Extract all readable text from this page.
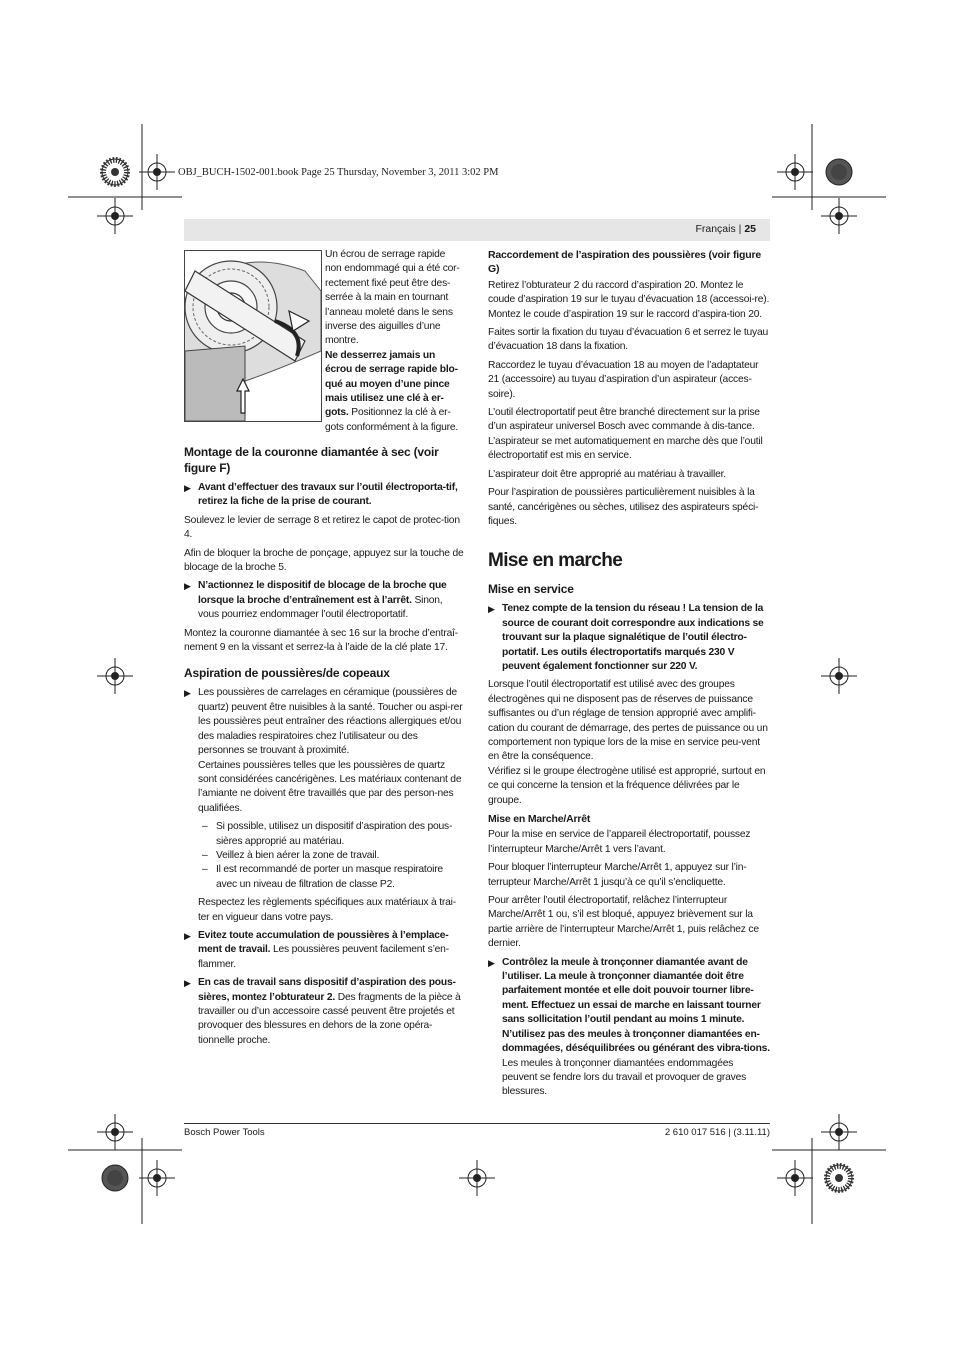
OBJ_BUCH-1502-001.book Page 25 Thursday, November 3, 2011 3:02 PM
Français | 25
Un écrou de serrage rapide
non endommagé qui a été cor-
rectement fixé peut être des-
serrée à la main en tournant
l’anneau moleté dans le sens
inverse des aiguilles d’une
montre.
Ne desserrez jamais un
écrou de serrage rapide blo-
qué au moyen d’une pince
mais utilisez une clé à er-
gots. Positionnez la clé à er-
gots conformément à la figure.
Montage de la couronne diamantée à sec (voir figure F)
▶ Avant d’effectuer des travaux sur l’outil électroporta-tif, retirez la fiche de la prise de courant.

Soulevez le levier de serrage 8 et retirez le capot de protec-tion 4.

Afin de bloquer la broche de ponçage, appuyez sur la touche de blocage de la broche 5.

▶ N’actionnez le dispositif de blocage de la broche que lorsque la broche d’entraînement est à l’arrêt. Sinon, vous pourriez endommager l’outil électroportatif.

Montez la couronne diamantée à sec 16 sur la broche d’entraî-nement 9 en la vissant et serrez-la à l’aide de la clé plate 17.

Aspiration de poussières/de copeaux
▶ Les poussières de carrelages en céramique (poussières de quartz) peuvent être nuisibles à la santé. Toucher ou aspi-rer les poussières peut entraîner des réactions allergiques et/ou des maladies respiratoires chez l’utilisateur ou des personnes se trouvant à proximité.
Certaines poussières telles que les poussières de quartz sont considérées cancérigènes. Les matériaux contenant de l’amiante ne doivent être travaillés que par des person-nes qualifiées.
– Si possible, utilisez un dispositif d’aspiration des pous-sières approprié au matériau.
– Veillez à bien aérer la zone de travail.
– Il est recommandé de porter un masque respiratoire avec un niveau de filtration de classe P2.
Respectez les règlements spécifiques aux matériaux à trai-ter en vigueur dans votre pays.
▶ Evitez toute accumulation de poussières à l’emplace-ment de travail. Les poussières peuvent facilement s’en-flammer.
▶ En cas de travail sans dispositif d’aspiration des pous-sières, montez l’obturateur 2. Des fragments de la pièce à travailler ou d’un accessoire cassé peuvent être projetés et provoquer des blessures en dehors de la zone opéra-tionnelle proche.
Raccordement de l’aspiration des poussières (voir figure G)

Retirez l’obturateur 2 du raccord d’aspiration 20. Montez le coude d’aspiration 19 sur le tuyau d’évacuation 18 (accessoi-re). Montez le coude d’aspiration 19 sur le raccord d’aspira-tion 20.

Faites sortir la fixation du tuyau d’évacuation 6 et serrez le tuyau d’évacuation 18 dans la fixation.

Raccordez le tuyau d’évacuation 18 au moyen de l’adaptateur 21 (accessoire) au tuyau d’aspiration d’un aspirateur (acces-soire).

L’outil électroportatif peut être branché directement sur la prise d’un aspirateur universel Bosch avec commande à dis-tance. L’aspirateur se met automatiquement en marche dès que l’outil électroportatif est mis en service.

L’aspirateur doit être approprié au matériau à travailler.

Pour l’aspiration de poussières particulièrement nuisibles à la santé, cancérigènes ou sèches, utilisez des aspirateurs spéci-fiques.

Mise en marche
Mise en service
▶ Tenez compte de la tension du réseau ! La tension de la source de courant doit correspondre aux indications se trouvant sur la plaque signalétique de l’outil électro-portatif. Les outils électroportatifs marqués 230 V peuvent également fonctionner sur 220 V.

Lorsque l’outil électroportatif est utilisé avec des groupes électrogènes qui ne disposent pas de réserves de puissance suffisantes ou d’un réglage de tension approprié avec amplifi-cation du courant de démarrage, des pertes de puissance ou un comportement non typique lors de la mise en service peu-vent en être la conséquence.

Vérifiez si le groupe électrogène utilisé est approprié, surtout en ce qui concerne la tension et la fréquence délivrées par le groupe.

Mise en Marche/Arrêt

Pour la mise en service de l’appareil électroportatif, poussez l’interrupteur Marche/Arrêt 1 vers l’avant.

Pour bloquer l’interrupteur Marche/Arrêt 1, appuyez sur l’in-terrupteur Marche/Arrêt 1 jusqu’à ce qu’il s’encliquette.

Pour arrêter l’outil électroportatif, relâchez l’interrupteur Marche/Arrêt 1 ou, s’il est bloqué, appuyez brièvement sur la partie arrière de l’interrupteur Marche/Arrêt 1, puis relâchez ce dernier.

▶ Contrôlez la meule à tronçonner diamantée avant de l’utiliser. La meule à tronçonner diamantée doit être parfaitement montée et elle doit pouvoir tourner libre-ment. Effectuez un essai de marche en laissant tourner sans sollicitation l’outil pendant au moins 1 minute. N’utilisez pas des meules à tronçonner diamantées en-dommagées, déséquilibrées ou générant des vibra-tions. Les meules à tronçonner diamantées endommagées peuvent se fendre lors du travail et provoquer de graves blessures.
Bosch Power Tools	2 610 017 516 | (3.11.11)
